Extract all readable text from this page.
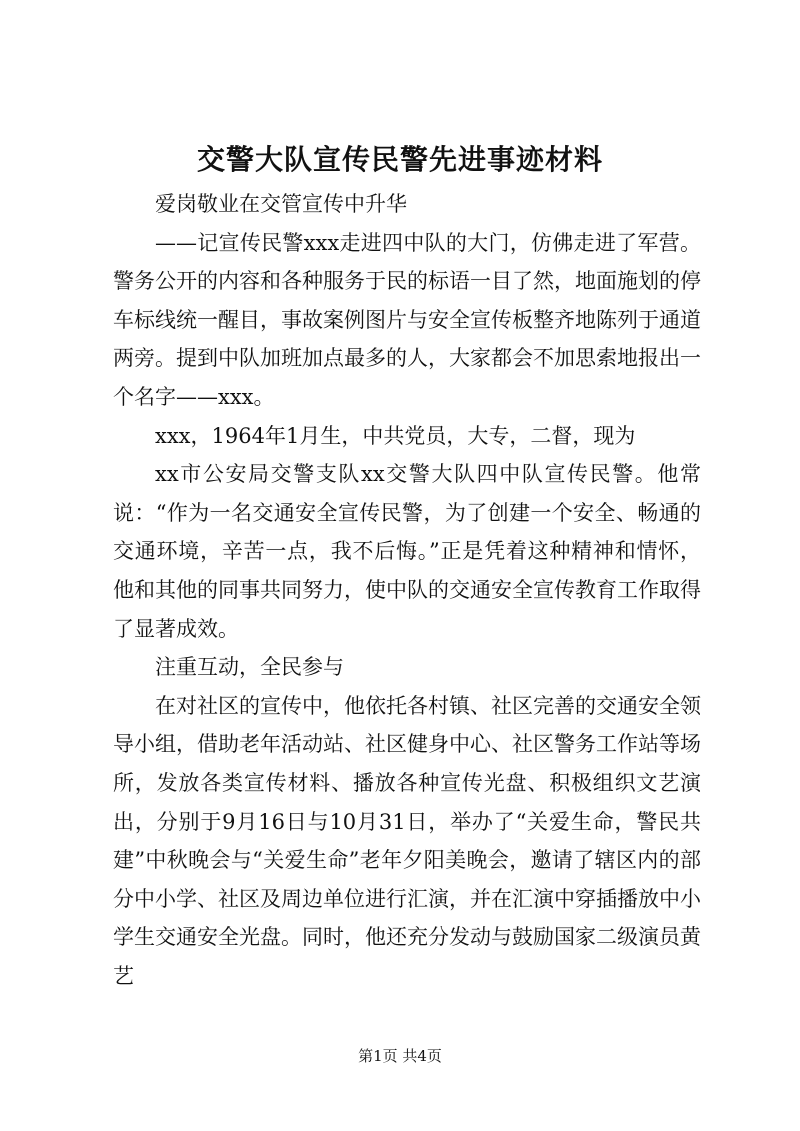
交警大队宣传民警先进事迹材料

爱岗敬业在交管宣传中升华

——记宣传民警xxx走进四中队的大门，仿佛走进了军营。警务公开的内容和各种服务于民的标语一目了然，地面施划的停车标线统一醒目，事故案例图片与安全宣传板整齐地陈列于通道两旁。提到中队加班加点最多的人，大家都会不加思索地报出一个名字——xxx。

xxx，1964年1月生，中共党员，大专，二督，现为

xx市公安局交警支队xx交警大队四中队宣传民警。他常说：“作为一名交通安全宣传民警，为了创建一个安全、畅通的交通环境，辛苦一点，我不后悔。”正是凭着这种精神和情怀，他和其他的同事共同努力，使中队的交通安全宣传教育工作取得了显著成效。

注重互动，全民参与

在对社区的宣传中，他依托各村镇、社区完善的交通安全领导小组，借助老年活动站、社区健身中心、社区警务工作站等场所，发放各类宣传材料、播放各种宣传光盘、积极组织文艺演出，分别于9月16日与10月31日，举办了“关爱生命，警民共建”中秋晚会与“关爱生命”老年夕阳美晚会，邀请了辖区内的部分中小学、社区及周边单位进行汇演，并在汇演中穿插播放中小学生交通安全光盘。同时，他还充分发动与鼓励国家二级演员黄艺

第1页 共4页
